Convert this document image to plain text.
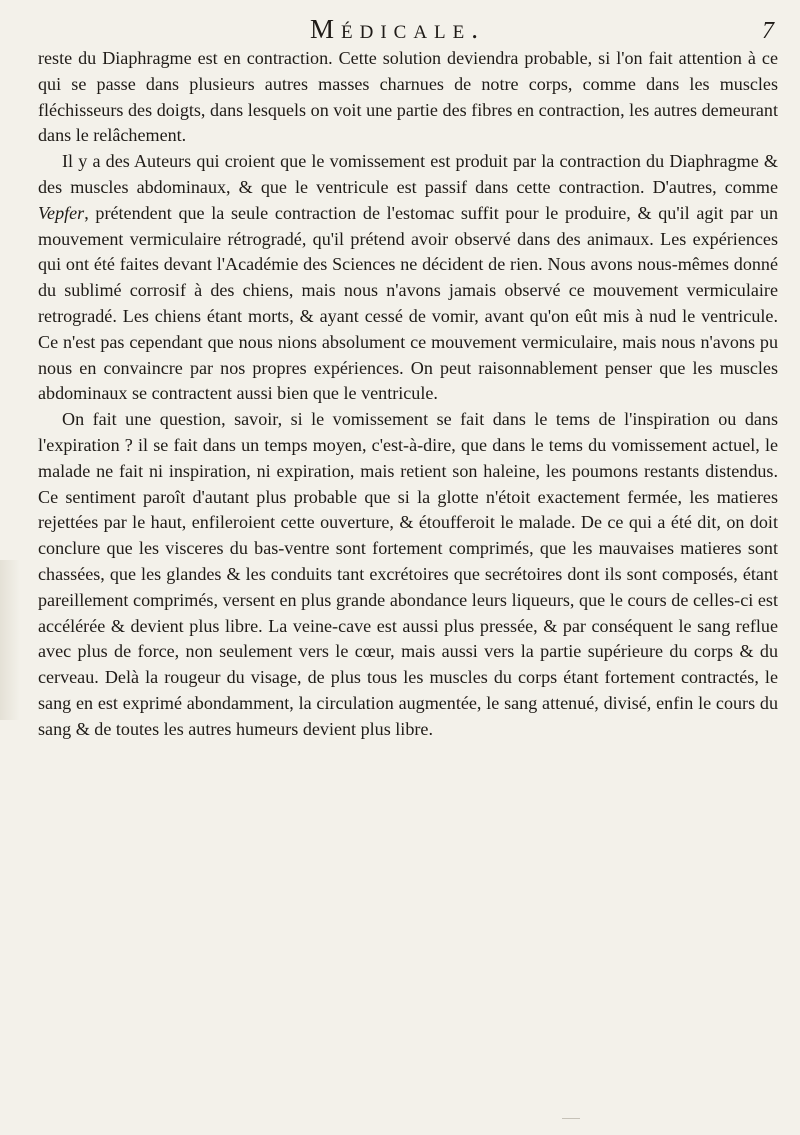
Médicale.	7

reste du Diaphragme est en contraction. Cette solution deviendra probable, si l'on fait attention à ce qui se passe dans plusieurs autres masses charnues de notre corps, comme dans les muscles fléchisseurs des doigts, dans lesquels on voit une partie des fibres en contraction, les autres demeurant dans le relâchement.

Il y a des Auteurs qui croient que le vomissement est produit par la contraction du Diaphragme & des muscles abdominaux, & que le ventricule est passif dans cette contraction. D'autres, comme Vepfer, prétendent que la seule contraction de l'estomac suffit pour le produire, & qu'il agit par un mouvement vermiculaire rétrogradé, qu'il prétend avoir observé dans des animaux. Les expériences qui ont été faites devant l'Académie des Sciences ne décident de rien. Nous avons nous-mêmes donné du sublimé corrosif à des chiens, mais nous n'avons jamais observé ce mouvement vermiculaire retrogradé. Les chiens étant morts, & ayant cessé de vomir, avant qu'on eût mis à nud le ventricule. Ce n'est pas cependant que nous nions absolument ce mouvement vermiculaire, mais nous n'avons pu nous en convaincre par nos propres expériences. On peut raisonnablement penser que les muscles abdominaux se contractent aussi bien que le ventricule.

On fait une question, savoir, si le vomissement se fait dans le tems de l'inspiration ou dans l'expiration ? il se fait dans un temps moyen, c'est-à-dire, que dans le tems du vomissement actuel, le malade ne fait ni inspiration, ni expiration, mais retient son haleine, les poumons restants distendus. Ce sentiment paroît d'autant plus probable que si la glotte n'étoit exactement fermée, les matieres rejettées par le haut, enfileroient cette ouverture, & étoufferoit le malade. De ce qui a été dit, on doit conclure que les visceres du bas-ventre sont fortement comprimés, que les mauvaises matieres sont chassées, que les glandes & les conduits tant excrétoires que secrétoires dont ils sont composés, étant pareillement comprimés, versent en plus grande abondance leurs liqueurs, que le cours de celles-ci est accélérée & devient plus libre. La veine-cave est aussi plus pressée, & par conséquent le sang reflue avec plus de force, non seulement vers le cœur, mais aussi vers la partie supérieure du corps & du cerveau. Delà la rougeur du visage, de plus tous les muscles du corps étant fortement contractés, le sang en est exprimé abondamment, la circulation augmentée, le sang attenué, divisé, enfin le cours du sang & de toutes les autres humeurs devient plus libre.
